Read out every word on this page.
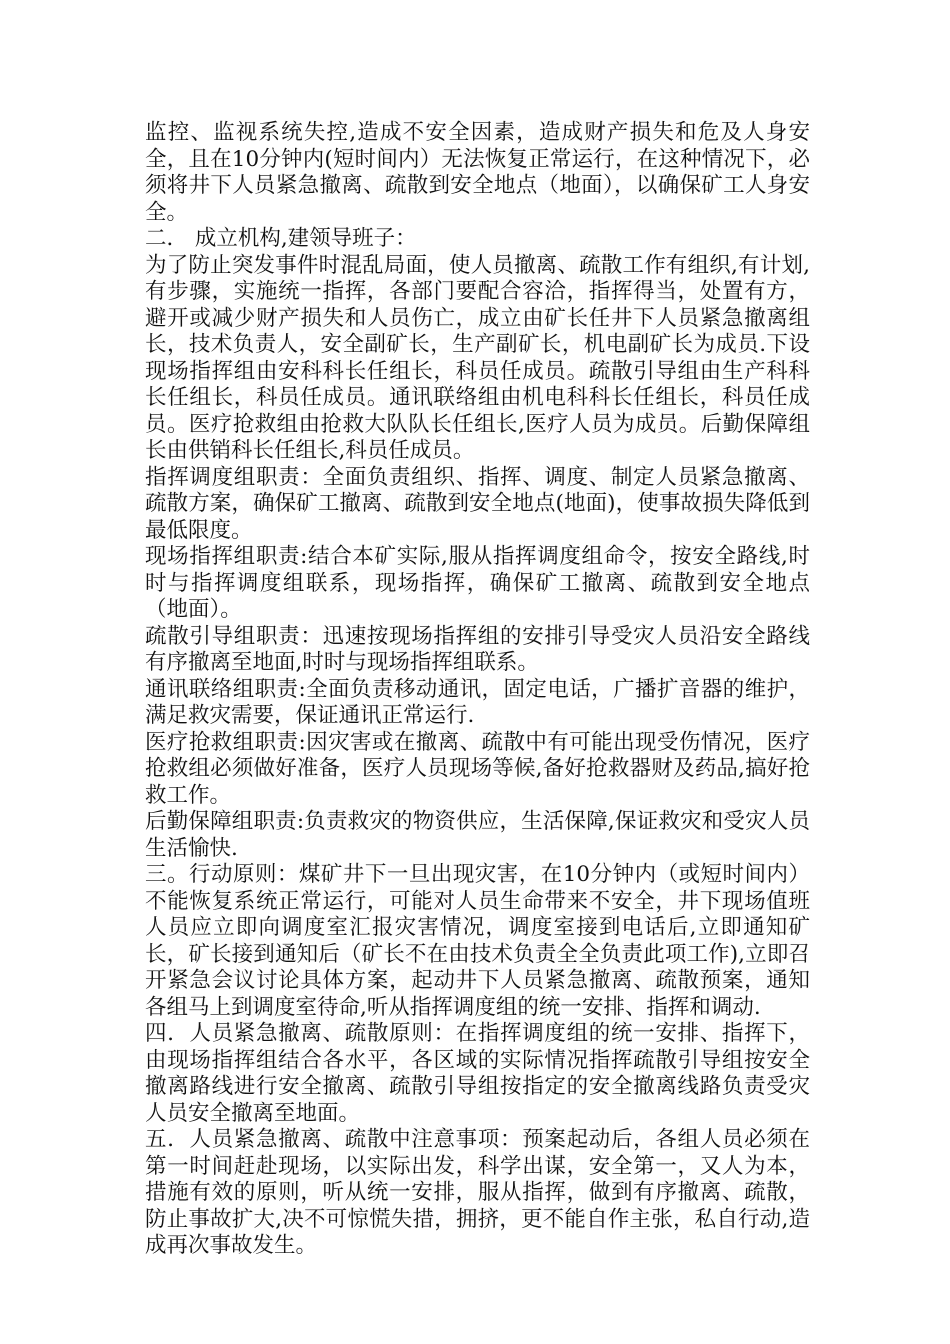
监控、监视系统失控,造成不安全因素，造成财产损失和危及人身安全，且在10分钟内(短时间内）无法恢复正常运行，在这种情况下，必须将井下人员紧急撤离、疏散到安全地点（地面），以确保矿工人身安全。

二． 成立机构,建领导班子：

为了防止突发事件时混乱局面，使人员撤离、疏散工作有组织,有计划,有步骤，实施统一指挥，各部门要配合容洽，指挥得当，处置有方，避开或减少财产损失和人员伤亡，成立由矿长任井下人员紧急撤离组长，技术负责人，安全副矿长，生产副矿长，机电副矿长为成员.下设现场指挥组由安科科长任组长，科员任成员。疏散引导组由生产科科长任组长，科员任成员。通讯联络组由机电科科长任组长，科员任成员。医疗抢救组由抢救大队队长任组长,医疗人员为成员。后勤保障组长由供销科长任组长,科员任成员。

指挥调度组职责：全面负责组织、指挥、调度、制定人员紧急撤离、疏散方案，确保矿工撤离、疏散到安全地点(地面)，使事故损失降低到最低限度。

现场指挥组职责:结合本矿实际,服从指挥调度组命令，按安全路线,时时与指挥调度组联系，现场指挥，确保矿工撤离、疏散到安全地点（地面）。

疏散引导组职责：迅速按现场指挥组的安排引导受灾人员沿安全路线有序撤离至地面,时时与现场指挥组联系。

通讯联络组职责:全面负责移动通讯，固定电话，广播扩音器的维护，满足救灾需要，保证通讯正常运行.

医疗抢救组职责:因灾害或在撤离、疏散中有可能出现受伤情况，医疗抢救组必须做好准备，医疗人员现场等候,备好抢救器财及药品,搞好抢救工作。

后勤保障组职责:负责救灾的物资供应，生活保障,保证救灾和受灾人员生活愉快.

三。行动原则：煤矿井下一旦出现灾害，在10分钟内（或短时间内）不能恢复系统正常运行，可能对人员生命带来不安全，井下现场值班人员应立即向调度室汇报灾害情况，调度室接到电话后,立即通知矿长，矿长接到通知后（矿长不在由技术负责全全负责此项工作),立即召开紧急会议讨论具体方案，起动井下人员紧急撤离、疏散预案，通知各组马上到调度室待命,听从指挥调度组的统一安排、指挥和调动.

四．人员紧急撤离、疏散原则：在指挥调度组的统一安排、指挥下，由现场指挥组结合各水平，各区域的实际情况指挥疏散引导组按安全撤离路线进行安全撤离、疏散引导组按指定的安全撤离线路负责受灾人员安全撤离至地面。

五．人员紧急撤离、疏散中注意事项：预案起动后，各组人员必须在第一时间赶赴现场，以实际出发，科学出谋，安全第一，又人为本，措施有效的原则，听从统一安排，服从指挥，做到有序撤离、疏散，防止事故扩大,决不可惊慌失措，拥挤，更不能自作主张，私自行动,造成再次事故发生。
